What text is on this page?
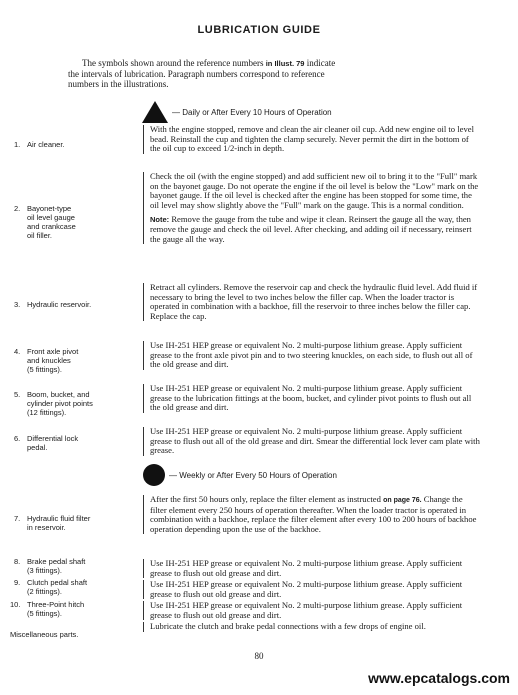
LUBRICATION GUIDE
The symbols shown around the reference numbers in Illust. 79 indicate
the intervals of lubrication. Paragraph numbers correspond to reference
numbers in the illustrations.
— Daily or After Every 10 Hours of Operation
1. Air cleaner.

With the engine stopped, remove and clean the air cleaner oil cup. Add new engine oil to level bead. Reinstall the cup and tighten the clamp securely. Never permit the dirt in the bottom of the oil cup to exceed 1/2-inch in depth.

2. Bayonet-type
oil level gauge
and crankcase
oil filler.

Check the oil (with the engine stopped) and add sufficient new oil to bring it to the "Full" mark on the bayonet gauge. Do not operate the engine if the oil level is below the "Low" mark on the bayonet gauge. If the oil level is checked after the engine has been stopped for some time, the oil level may show slightly above the "Full" mark on the gauge. This is a normal condition.

Note: Remove the gauge from the tube and wipe it clean. Reinsert the gauge all the way, then remove the gauge and check the oil level. After checking, and adding oil if necessary, reinsert the gauge all the way.

3. Hydraulic reservoir.

Retract all cylinders. Remove the reservoir cap and check the hydraulic fluid level. Add fluid if necessary to bring the level to two inches below the filler cap. When the loader tractor is operated in combination with a backhoe, fill the reservoir to three inches below the filler cap. Replace the cap.

4. Front axle pivot
and knuckles
(5 fittings).

Use IH-251 HEP grease or equivalent No. 2 multi-purpose lithium grease. Apply sufficient grease to the front axle pivot pin and to two steering knuckles, on each side, to flush out all of the old grease and dirt.

5. Boom, bucket, and
cylinder pivot points
(12 fittings).

Use IH-251 HEP grease or equivalent No. 2 multi-purpose lithium grease. Apply sufficient grease to the lubrication fittings at the boom, bucket, and cylinder pivot points to flush out all the old grease and dirt.

6. Differential lock
pedal.

Use IH-251 HEP grease or equivalent No. 2 multi-purpose lithium grease. Apply sufficient grease to flush out all of the old grease and dirt. Smear the differential lock lever cam plate with grease.

— Weekly or After Every 50 Hours of Operation
7. Hydraulic fluid filter
in reservoir.

After the first 50 hours only, replace the filter element as instructed on page 76. Change the filter element every 250 hours of operation thereafter. When the loader tractor is operated in combination with a backhoe, replace the filter element after every 100 to 200 hours of backhoe operation depending upon the use of the backhoe.

8. Brake pedal shaft
(3 fittings).

Use IH-251 HEP grease or equivalent No. 2 multi-purpose lithium grease. Apply sufficient grease to flush out old grease and dirt.

9. Clutch pedal shaft
(2 fittings).

Use IH-251 HEP grease or equivalent No. 2 multi-purpose lithium grease. Apply sufficient grease to flush out old grease and dirt.

10. Three-Point hitch
(5 fittings).

Use IH-251 HEP grease or equivalent No. 2 multi-purpose lithium grease. Apply sufficient grease to flush out old grease and dirt.

Miscellaneous parts.

Lubricate the clutch and brake pedal connections with a few drops of engine oil.

80
www.epcatalogs.com
